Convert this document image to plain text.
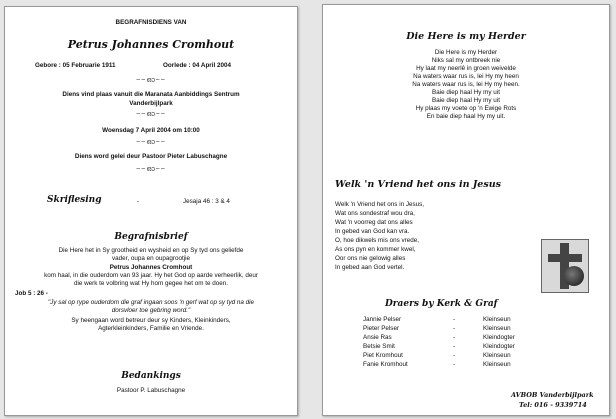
BEGRAFNISDIENS VAN
Petrus Johannes Cromhout
Gebore : 05 Februarie 1911	Oorlede : 04 April 2004
~~ഓ~~
Diens vind plaas vanuit die Maranata Aanbiddings Sentrum
Vanderbijlpark
~~ഓ~~
Woensdag 7 April 2004 om 10:00
~~ഓ~~
Diens word gelei deur Pastoor Pieter Labuschagne
~~ഓ~~
Skriflesing	-	Jesaja 46 : 3 & 4
Begrafnisbrief
Die Here het in Sy grootheid en wysheid en op Sy tyd ons geliefde
vader, oupa en oupagrootjie
Petrus Johannes Cromhout
kom haal, in die ouderdom van 93 jaar. Hy het God op aarde verheerlik, deur
die werk te volbring wat Hy hom gegee het om te doen.
Job 5 : 26 -
"Jy sal op rype ouderdom die graf ingaan soos 'n gerf wat op sy tyd na die
dorsvloer toe gebring word."
Sy heengaan word betreur deur sy Kinders, Kleinkinders,
Agterkleinkinders, Familie en Vriende.
Bedankings
Pastoor P. Labuschagne
Die Here is my Herder
Die Here is my Herder
Niks sal my ontbreek nie
Hy laat my neerlê in groen weivelde
Na waters waar rus is, lei Hy my heen
Na waters waar rus is, lei Hy my heen.
Baie diep haal Hy my uit
Baie diep haal Hy my uit
Hy plaas my voete op 'n Ewige Rots
En baie diep haal Hy my uit.
Welk 'n Vriend het ons in Jesus
Welk 'n Vriend het ons in Jesus,
Wat ons sondestraf wou dra,
Wat 'n voorreg dat ons alles
In gebed van God kan vra.
O, hoe dikwels mis ons vrede,
As ons pyn en kommer kwel,
Oor ons nie gelowig alles
In gebed aan God vertel.
Draers by Kerk & Graf
Jannie Pelser	-	Kleinseun
Pieter Pelser	-	Kleinseun
Ansie Ras	-	Kleindogter
Betsie Smit	-	Kleindogter
Piet Kromhout	-	Kleinseun
Fanie Kromhout	-	Kleinseun
AVBOB Vanderbijlpark
Tel: 016 - 9339714
